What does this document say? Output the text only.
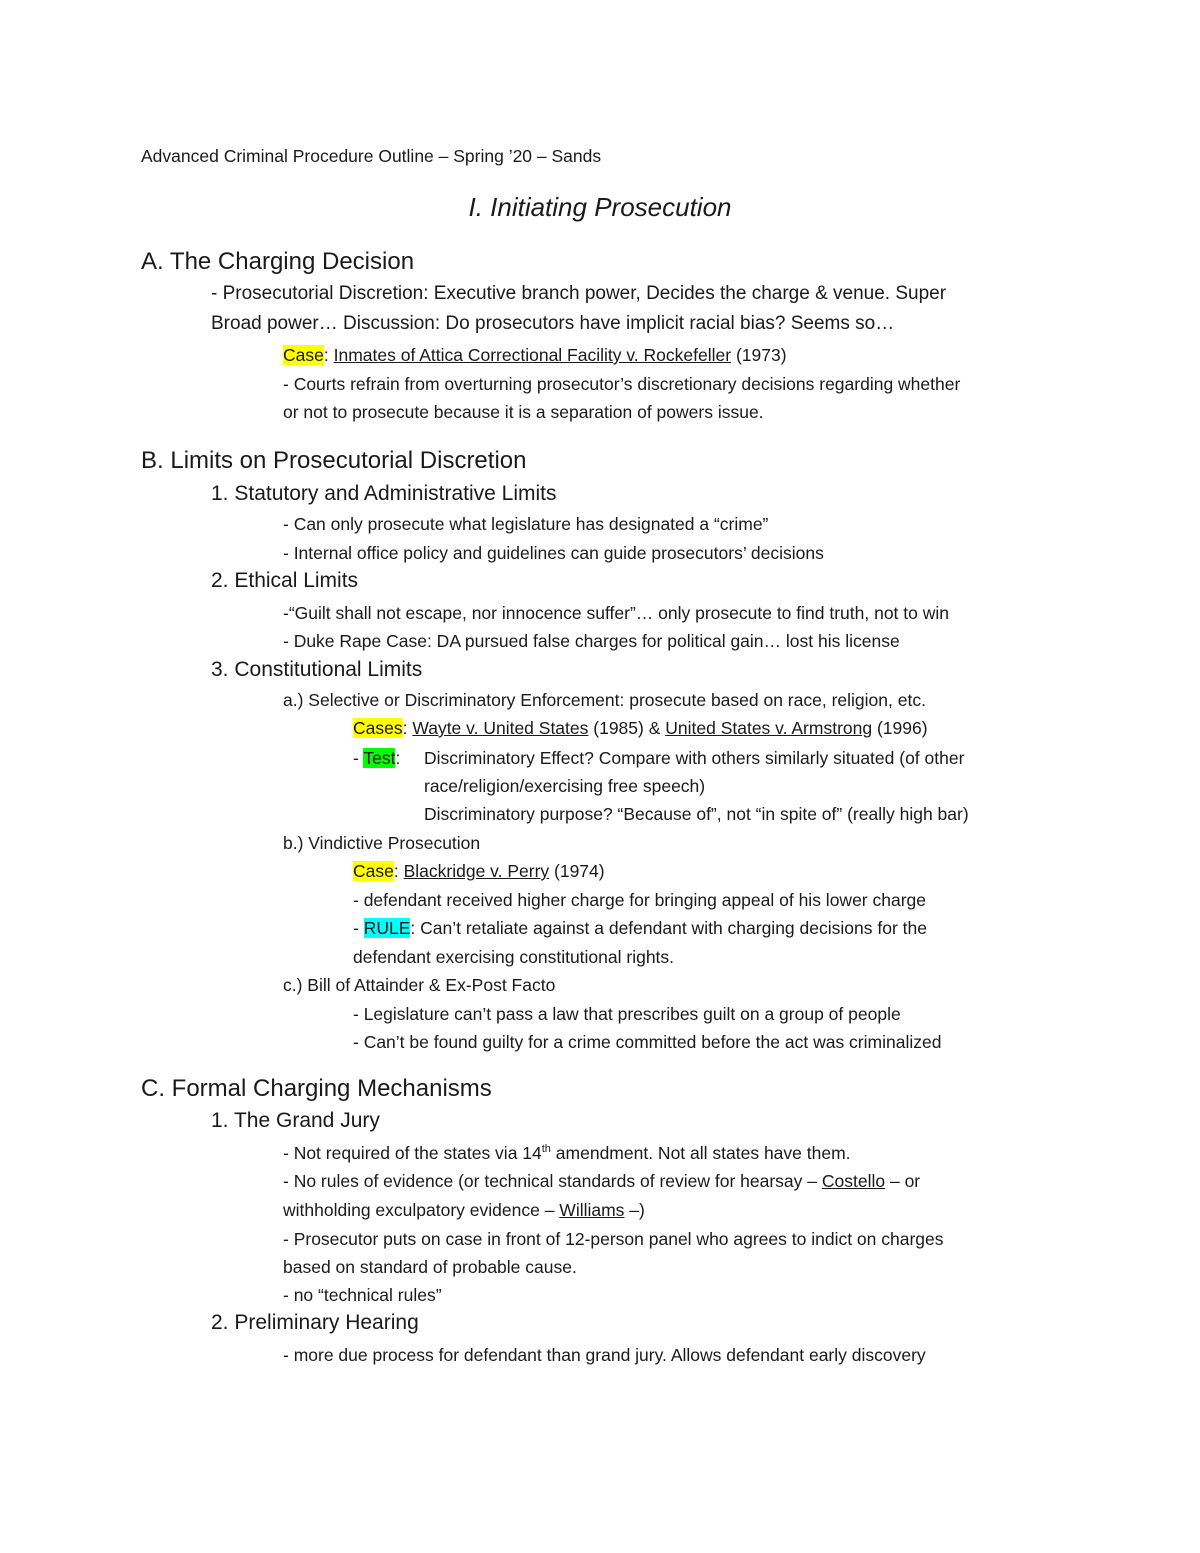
Advanced Criminal Procedure Outline – Spring ’20 – Sands
I. Initiating Prosecution
A. The Charging Decision
- Prosecutorial Discretion: Executive branch power, Decides the charge & venue. Super
Broad power… Discussion: Do prosecutors have implicit racial bias? Seems so…
Case: Inmates of Attica Correctional Facility v. Rockefeller (1973)
- Courts refrain from overturning prosecutor’s discretionary decisions regarding whether
or not to prosecute because it is a separation of powers issue.
B. Limits on Prosecutorial Discretion
1. Statutory and Administrative Limits
- Can only prosecute what legislature has designated a “crime”
- Internal office policy and guidelines can guide prosecutors’ decisions
2. Ethical Limits
-“Guilt shall not escape, nor innocence suffer”… only prosecute to find truth, not to win
- Duke Rape Case: DA pursued false charges for political gain… lost his license
3. Constitutional Limits
a.) Selective or Discriminatory Enforcement: prosecute based on race, religion, etc.
Cases: Wayte v. United States (1985) & United States v. Armstrong (1996)
- Test: Discriminatory Effect? Compare with others similarly situated (of other
race/religion/exercising free speech)
Discriminatory purpose? “Because of”, not “in spite of” (really high bar)
b.) Vindictive Prosecution
Case: Blackridge v. Perry (1974)
- defendant received higher charge for bringing appeal of his lower charge
- RULE: Can’t retaliate against a defendant with charging decisions for the
defendant exercising constitutional rights.
c.) Bill of Attainder & Ex-Post Facto
- Legislature can’t pass a law that prescribes guilt on a group of people
- Can’t be found guilty for a crime committed before the act was criminalized
C. Formal Charging Mechanisms
1. The Grand Jury
- Not required of the states via 14th amendment. Not all states have them.
- No rules of evidence (or technical standards of review for hearsay – Costello – or
withholding exculpatory evidence – Williams –)
- Prosecutor puts on case in front of 12-person panel who agrees to indict on charges
based on standard of probable cause.
- no “technical rules”
2. Preliminary Hearing
- more due process for defendant than grand jury. Allows defendant early discovery
